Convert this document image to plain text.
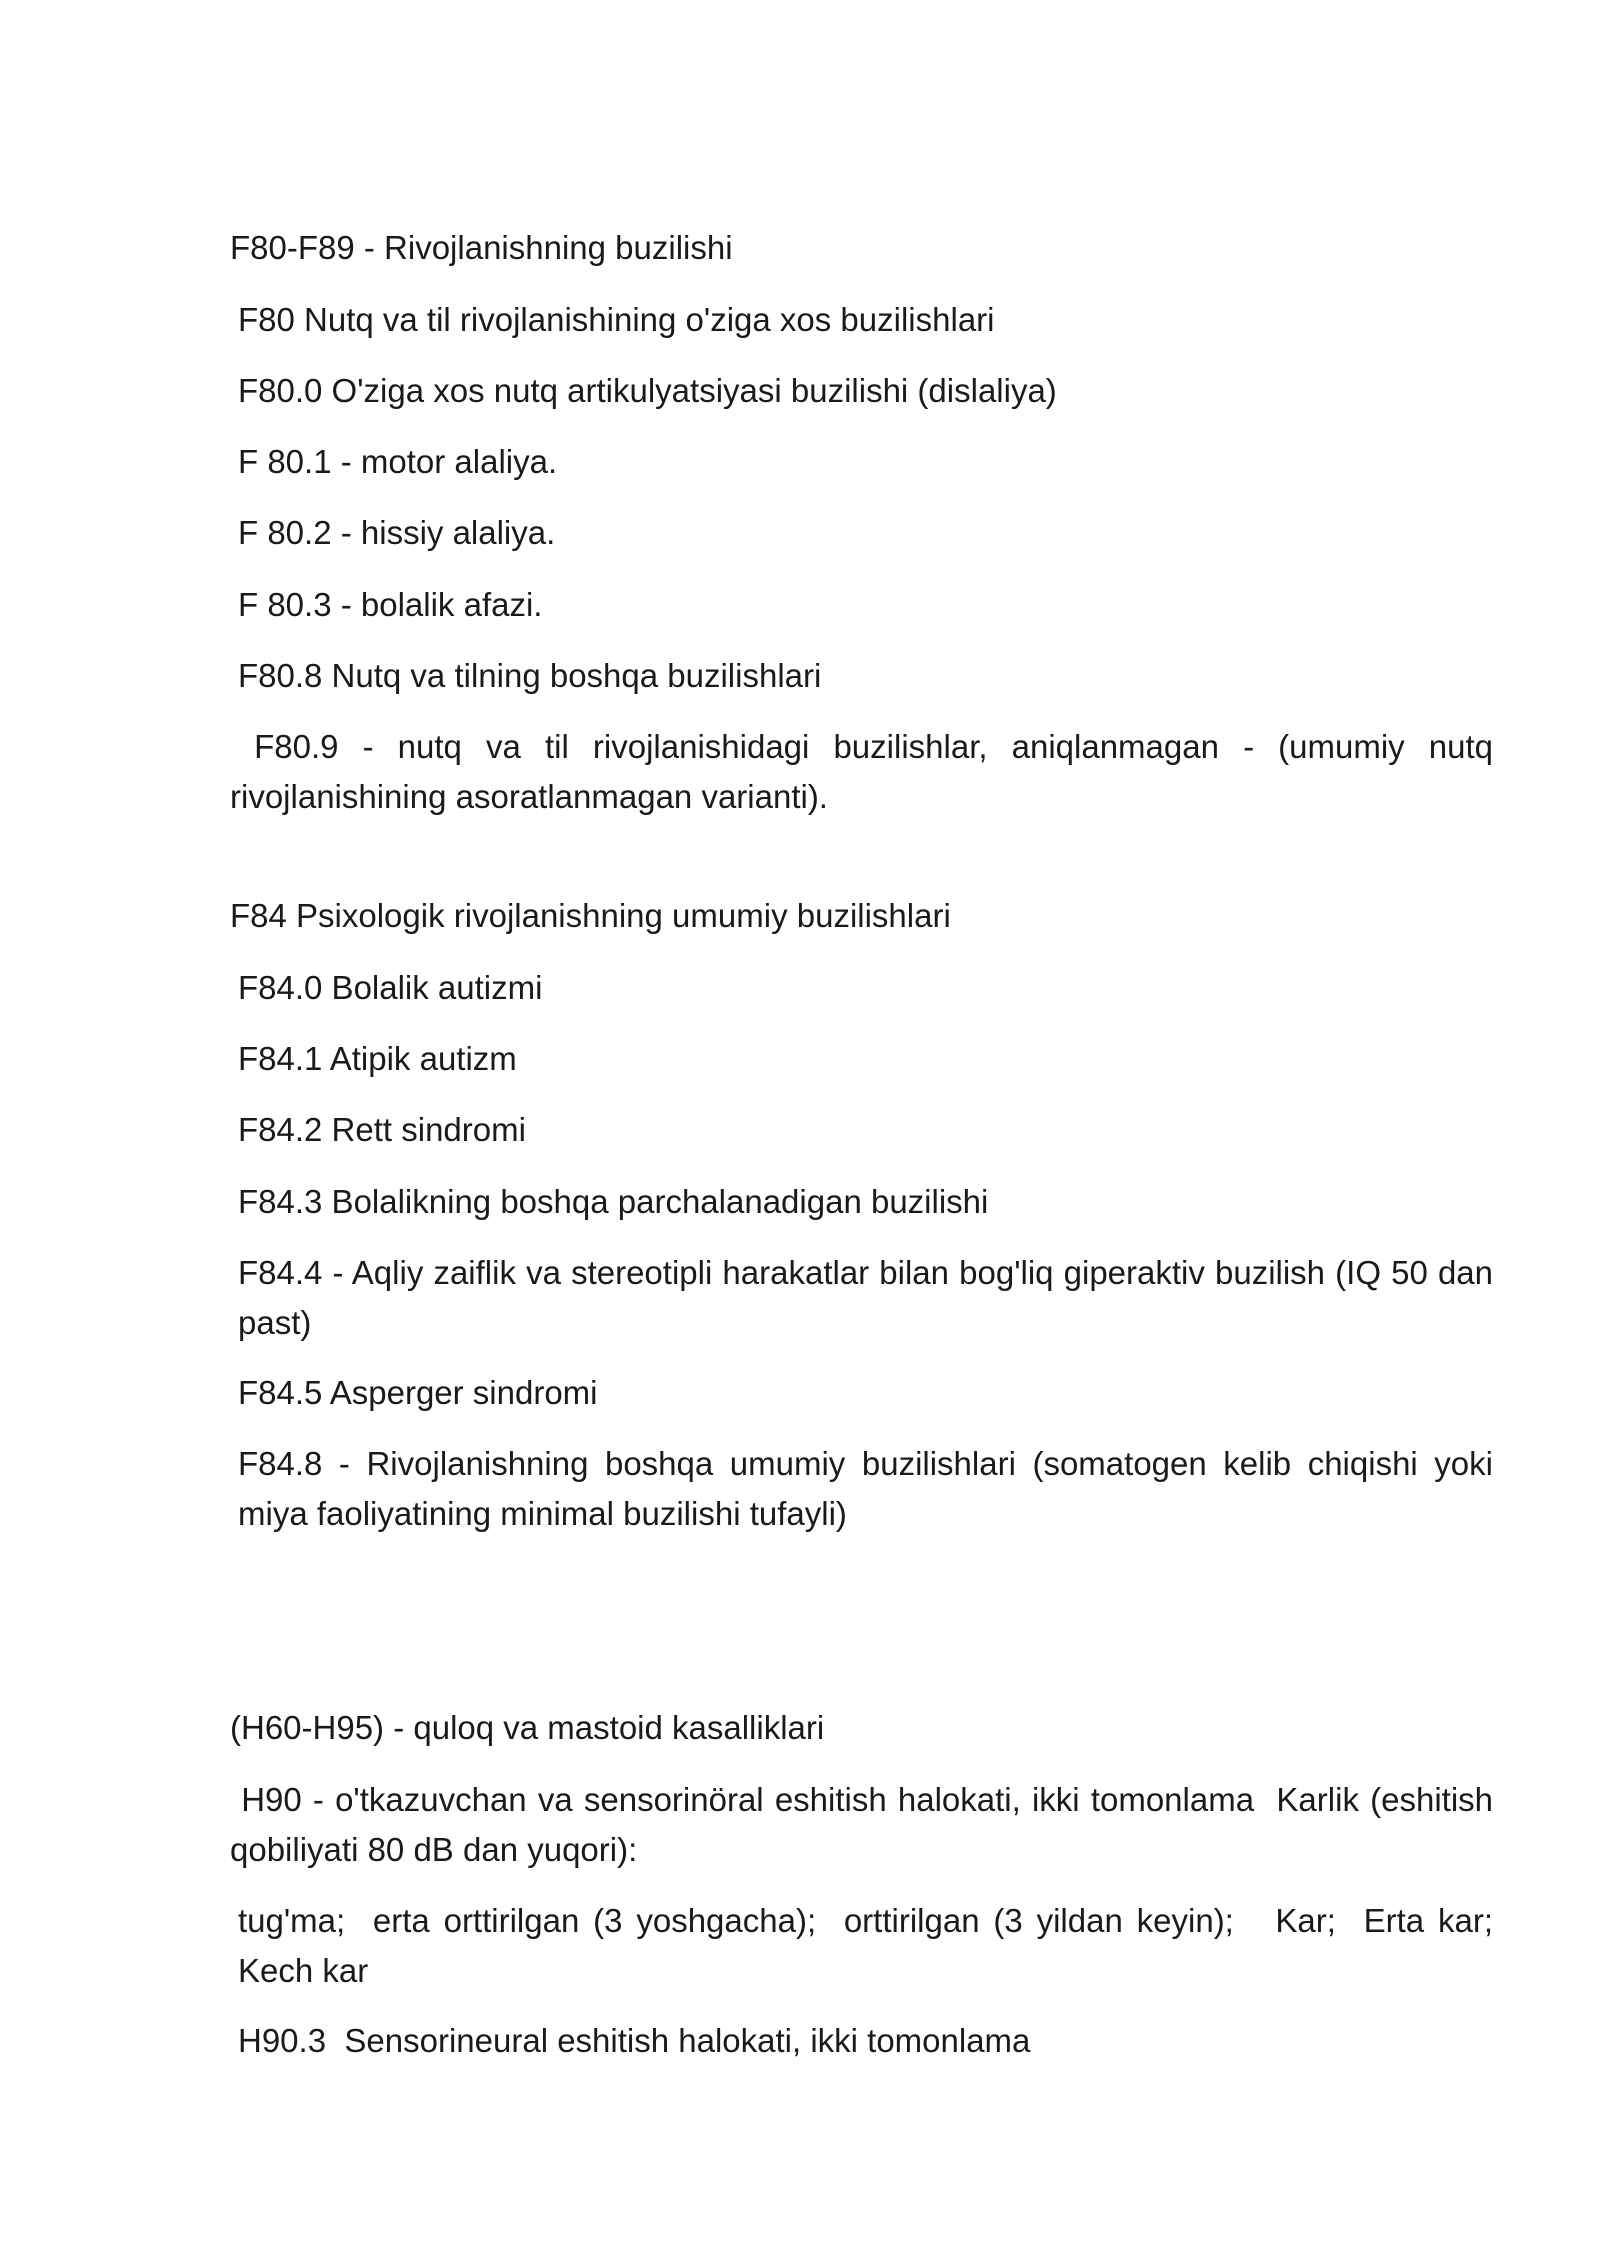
F80-F89 - Rivojlanishning buzilishi
F80 Nutq va til rivojlanishining o'ziga xos buzilishlari
F80.0 O'ziga xos nutq artikulyatsiyasi buzilishi (dislaliya)
F 80.1 - motor alaliya.
F 80.2 - hissiy alaliya.
F 80.3 - bolalik afazi.
F80.8 Nutq va tilning boshqa buzilishlari
F80.9 - nutq va til rivojlanishidagi buzilishlar, aniqlanmagan - (umumiy nutq rivojlanishining asoratlanmagan varianti).
F84 Psixologik rivojlanishning umumiy buzilishlari
F84.0 Bolalik autizmi
F84.1 Atipik autizm
F84.2 Rett sindromi
F84.3 Bolalikning boshqa parchalanadigan buzilishi
F84.4 - Aqliy zaiflik va stereotipli harakatlar bilan bog'liq giperaktiv buzilish (IQ 50 dan past)
F84.5 Asperger sindromi
F84.8 - Rivojlanishning boshqa umumiy buzilishlari (somatogen kelib chiqishi yoki miya faoliyatining minimal buzilishi tufayli)
(H60-H95) - quloq va mastoid kasalliklari
H90 - o'tkazuvchan va sensorinöral eshitish halokati, ikki tomonlama  Karlik (eshitish qobiliyati 80 dB dan yuqori):
tug'ma;  erta orttirilgan (3 yoshgacha);  orttirilgan (3 yildan keyin);   Kar;  Erta kar;  Kech kar
H90.3  Sensorineural eshitish halokati, ikki tomonlama
